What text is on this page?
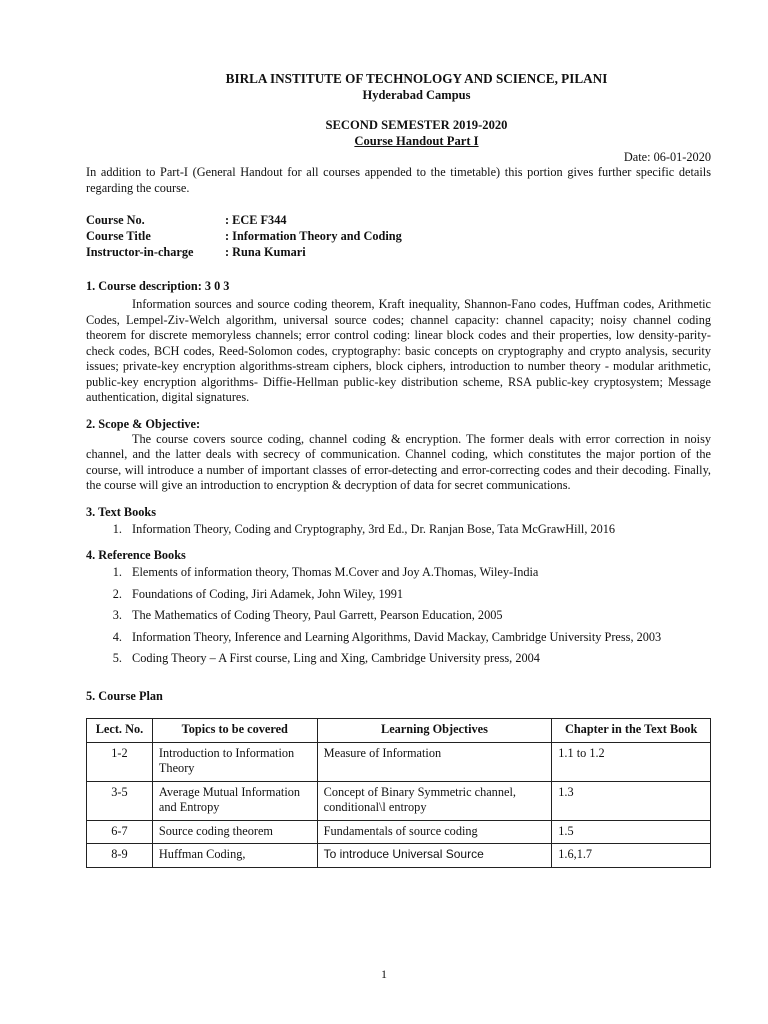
BIRLA INSTITUTE OF TECHNOLOGY AND SCIENCE, PILANI
Hyderabad Campus
SECOND SEMESTER 2019-2020
Course Handout Part I
Date: 06-01-2020
In addition to Part-I (General Handout for all courses appended to the timetable) this portion gives further specific details regarding the course.
Course No.	: ECE F344
Course Title	: Information Theory and Coding
Instructor-in-charge	: Runa Kumari
1. Course description: 3 0 3

Information sources and source coding theorem, Kraft inequality, Shannon-Fano codes, Huffman codes, Arithmetic Codes, Lempel-Ziv-Welch algorithm, universal source codes; channel capacity: channel capacity; noisy channel coding theorem for discrete memoryless channels; error control coding: linear block codes and their properties, low density-parity-check codes, BCH codes, Reed-Solomon codes, cryptography: basic concepts on cryptography and crypto analysis, security issues; private-key encryption algorithms-stream ciphers, block ciphers, introduction to number theory - modular arithmetic, public-key encryption algorithms- Diffie-Hellman public-key distribution scheme, RSA public-key cryptosystem; Message authentication, digital signatures.

2. Scope & Objective:

The course covers source coding, channel coding & encryption. The former deals with error correction in noisy channel, and the latter deals with secrecy of communication. Channel coding, which constitutes the major portion of the course, will introduce a number of important classes of error-detecting and error-correcting codes and their decoding. Finally, the course will give an introduction to encryption & decryption of data for secret communications.

3. Text Books
1. Information Theory, Coding and Cryptography, 3rd Ed., Dr. Ranjan Bose, Tata McGrawHill, 2016
4. Reference Books
1. Elements of information theory, Thomas M.Cover and Joy A.Thomas, Wiley-India
2. Foundations of Coding, Jiri Adamek, John Wiley, 1991
3. The Mathematics of Coding Theory, Paul Garrett, Pearson Education, 2005
4. Information Theory, Inference and Learning Algorithms, David Mackay, Cambridge University Press, 2003
5. Coding Theory – A First course, Ling and Xing, Cambridge University press, 2004
5. Course Plan
Lect. No.	Topics to be covered	Learning Objectives	Chapter in the Text Book
1-2	Introduction to Information Theory	Measure of Information	1.1 to 1.2
3-5	Average Mutual Information and Entropy	Concept of Binary Symmetric channel, conditional\l entropy	1.3
6-7	Source coding theorem	Fundamentals of source coding	1.5
8-9	Huffman Coding,	To introduce Universal Source	1.6,1.7
1
